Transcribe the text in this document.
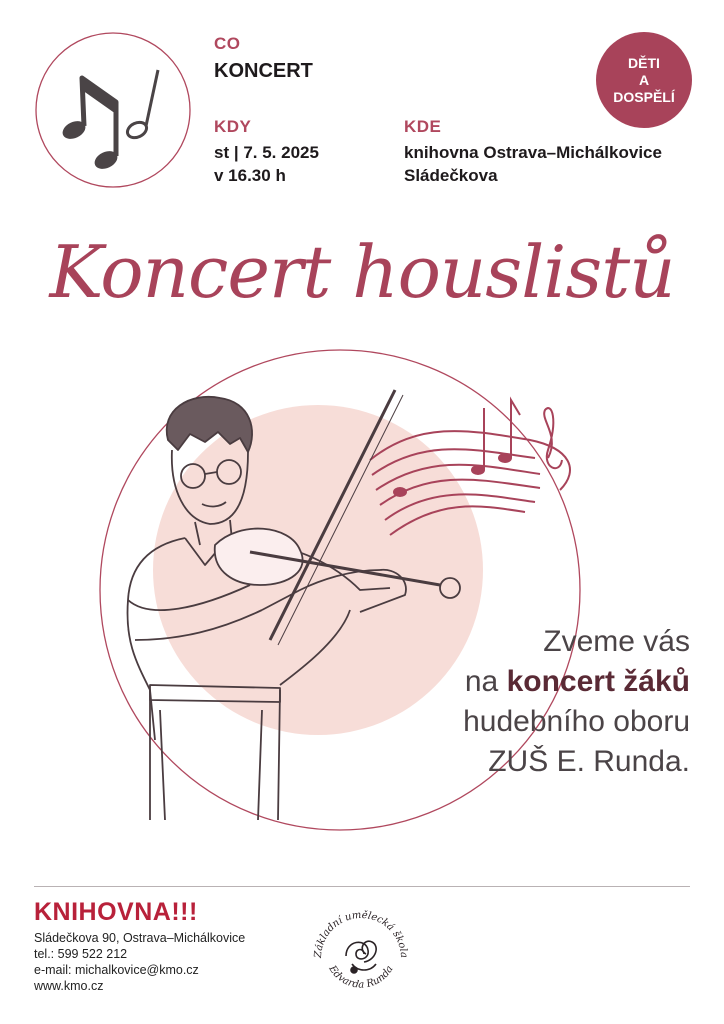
CO
KONCERT
KDY
st | 7. 5. 2025
v 16.30 h
KDE
knihovna Ostrava–Michálkovice
Sládečkova
DĚTI
A
DOSPĚLÍ
Koncert houslistů
Zveme vás
na koncert žáků
hudebního oboru
ZUŠ E. Runda.
KNIHOVNA!!!
Sládečkova 90, Ostrava–Michálkovice
tel.: 599 522 212
e-mail: michalkovice@kmo.cz
www.kmo.cz
Základní umělecká škola
Edvarda Runda
